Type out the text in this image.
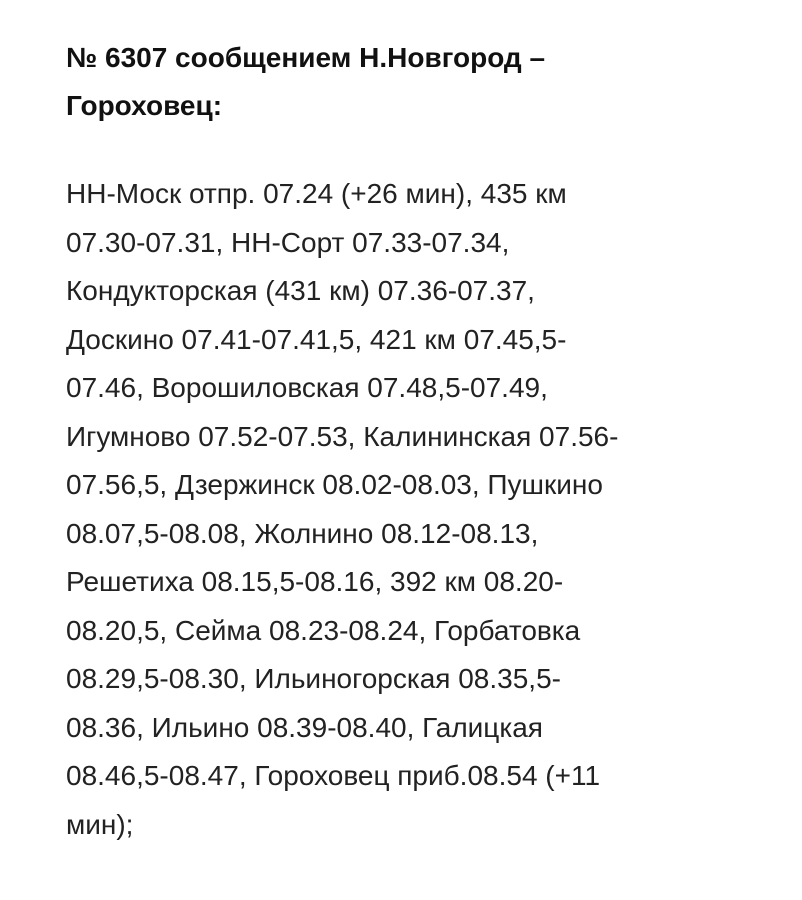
№ 6307 сообщением Н.Новгород –
Гороховец:

НН-Моск отпр. 07.24 (+26 мин), 435 км
07.30-07.31, НН-Сорт 07.33-07.34,
Кондукторская (431 км) 07.36-07.37,
Доскино 07.41-07.41,5, 421 км 07.45,5-
07.46, Ворошиловская 07.48,5-07.49,
Игумново 07.52-07.53, Калининская 07.56-
07.56,5, Дзержинск 08.02-08.03, Пушкино
08.07,5-08.08, Жолнино 08.12-08.13,
Решетиха 08.15,5-08.16, 392 км 08.20-
08.20,5, Сейма 08.23-08.24, Горбатовка
08.29,5-08.30, Ильиногорская 08.35,5-
08.36, Ильино 08.39-08.40, Галицкая
08.46,5-08.47, Гороховец приб.08.54 (+11
мин);
